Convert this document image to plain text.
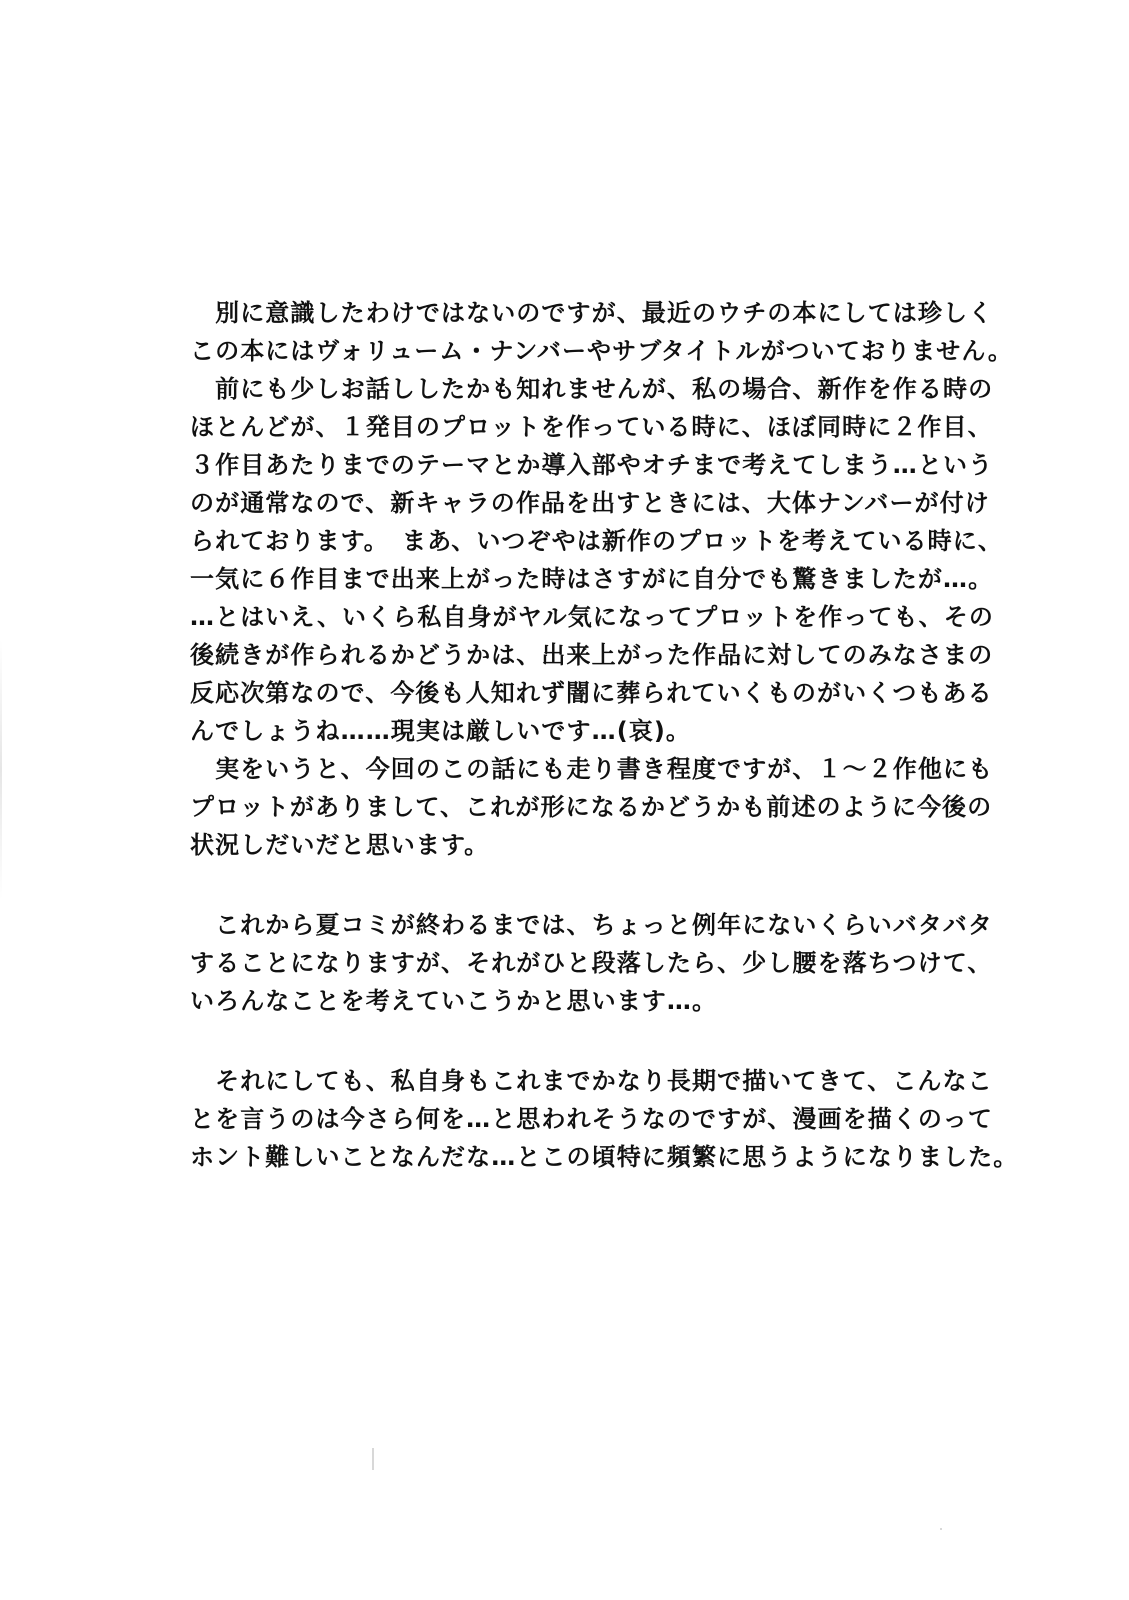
　別に意識したわけではないのですが、最近のウチの本にしては珍しく
この本にはヴォリューム・ナンバーやサブタイトルがついておりません。
　前にも少しお話ししたかも知れませんが、私の場合、新作を作る時の
ほとんどが、１発目のプロットを作っている時に、ほぼ同時に２作目、
３作目あたりまでのテーマとか導入部やオチまで考えてしまう…という
のが通常なので、新キャラの作品を出すときには、大体ナンバーが付け
られております。　まあ、いつぞやは新作のプロットを考えている時に、
一気に６作目まで出来上がった時はさすがに自分でも驚きましたが…。
…とはいえ、いくら私自身がヤル気になってプロットを作っても、その
後続きが作られるかどうかは、出来上がった作品に対してのみなさまの
反応次第なので、今後も人知れず闇に葬られていくものがいくつもある
んでしょうね……現実は厳しいです…(哀)。
　実をいうと、今回のこの話にも走り書き程度ですが、１～２作他にも
プロットがありまして、これが形になるかどうかも前述のように今後の
状況しだいだと思います。
　これから夏コミが終わるまでは、ちょっと例年にないくらいバタバタ
することになりますが、それがひと段落したら、少し腰を落ちつけて、
いろんなことを考えていこうかと思います…。
　それにしても、私自身もこれまでかなり長期で描いてきて、こんなこ
とを言うのは今さら何を…と思われそうなのですが、漫画を描くのって
ホント難しいことなんだな…とこの頃特に頻繁に思うようになりました。
